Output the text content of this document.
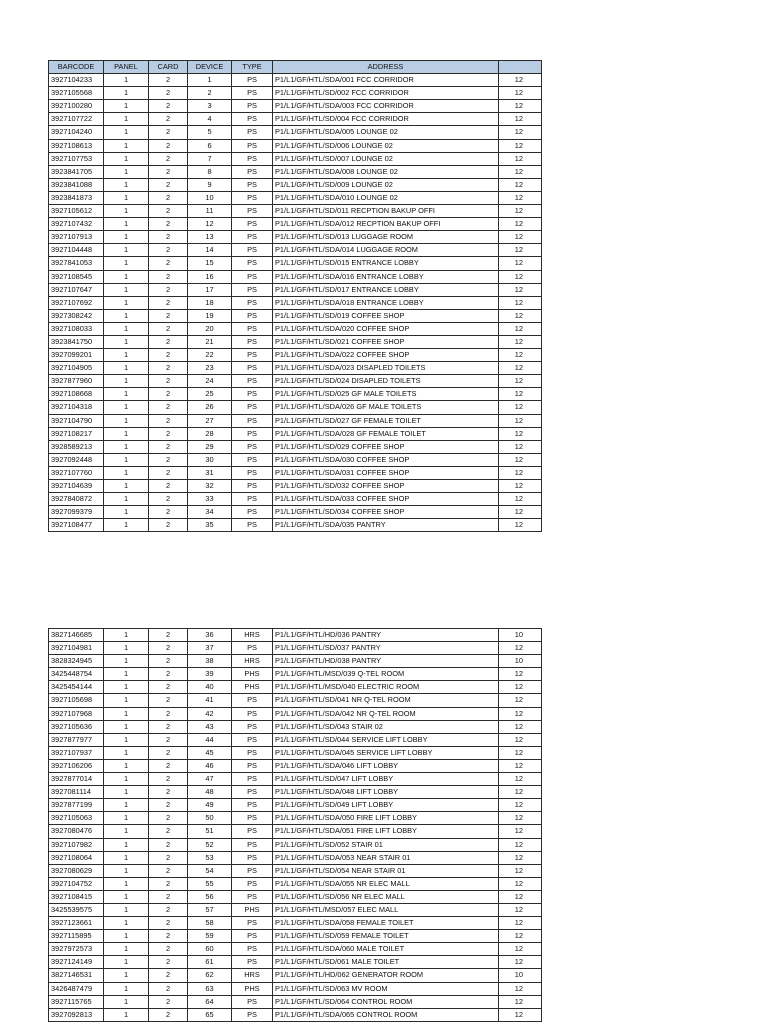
BARCODE	PANEL	CARD	DEVICE	TYPE	ADDRESS	
3927104233	1	2	1	PS	P1/L1/GF/HTL/SDA/001 FCC CORRIDOR	12
3927105568	1	2	2	PS	P1/L1/GF/HTL/SD/002 FCC CORRIDOR	12
3927100280	1	2	3	PS	P1/L1/GF/HTL/SDA/003 FCC CORRIDOR	12
3927107722	1	2	4	PS	P1/L1/GF/HTL/SD/004 FCC CORRIDOR	12
3927104240	1	2	5	PS	P1/L1/GF/HTL/SDA/005 LOUNGE 02	12
3927108613	1	2	6	PS	P1/L1/GF/HTL/SD/006 LOUNGE 02	12
3927107753	1	2	7	PS	P1/L1/GF/HTL/SD/007 LOUNGE 02	12
3923841705	1	2	8	PS	P1/L1/GF/HTL/SDA/008 LOUNGE 02	12
3923841088	1	2	9	PS	P1/L1/GF/HTL/SD/009 LOUNGE 02	12
3923841873	1	2	10	PS	P1/L1/GF/HTL/SDA/010 LOUNGE 02	12
3927105612	1	2	11	PS	P1/L1/GF/HTL/SD/011 RECPTION BAKUP OFFI	12
3927107432	1	2	12	PS	P1/L1/GF/HTL/SDA/012 RECPTION BAKUP OFFI	12
3927107913	1	2	13	PS	P1/L1/GF/HTL/SD/013 LUGGAGE ROOM	12
3927104448	1	2	14	PS	P1/L1/GF/HTL/SDA/014 LUGGAGE ROOM	12
3927841053	1	2	15	PS	P1/L1/GF/HTL/SD/015 ENTRANCE LOBBY	12
3927108545	1	2	16	PS	P1/L1/GF/HTL/SDA/016 ENTRANCE LOBBY	12
3927107647	1	2	17	PS	P1/L1/GF/HTL/SD/017 ENTRANCE LOBBY	12
3927107692	1	2	18	PS	P1/L1/GF/HTL/SDA/018 ENTRANCE LOBBY	12
3927308242	1	2	19	PS	P1/L1/GF/HTL/SD/019 COFFEE SHOP	12
3927108033	1	2	20	PS	P1/L1/GF/HTL/SDA/020 COFFEE SHOP	12
3923841750	1	2	21	PS	P1/L1/GF/HTL/SD/021 COFFEE SHOP	12
3927099201	1	2	22	PS	P1/L1/GF/HTL/SDA/022 COFFEE SHOP	12
3927104905	1	2	23	PS	P1/L1/GF/HTL/SDA/023 DISAPLED TOILETS	12
3927877960	1	2	24	PS	P1/L1/GF/HTL/SD/024 DISAPLED TOILETS	12
3927108668	1	2	25	PS	P1/L1/GF/HTL/SD/025 GF MALE TOILETS	12
3927104318	1	2	26	PS	P1/L1/GF/HTL/SDA/026 GF MALE TOILETS	12
3927104790	1	2	27	PS	P1/L1/GF/HTL/SD/027 GF FEMALE TOILET	12
3927108217	1	2	28	PS	P1/L1/GF/HTL/SDA/028 GF FEMALE TOILET	12
3928589213	1	2	29	PS	P1/L1/GF/HTL/SD/029 COFFEE SHOP	12
3927092448	1	2	30	PS	P1/L1/GF/HTL/SDA/030 COFFEE SHOP	12
3927107760	1	2	31	PS	P1/L1/GF/HTL/SDA/031 COFFEE SHOP	12
3927104639	1	2	32	PS	P1/L1/GF/HTL/SD/032 COFFEE SHOP	12
3927840872	1	2	33	PS	P1/L1/GF/HTL/SDA/033 COFFEE SHOP	12
3927099379	1	2	34	PS	P1/L1/GF/HTL/SD/034 COFFEE SHOP	12
3927108477	1	2	35	PS	P1/L1/GF/HTL/SDA/035 PANTRY	12
3827146685	1	2	36	HRS	P1/L1/GF/HTL/HD/036 PANTRY	10
3927104981	1	2	37	PS	P1/L1/GF/HTL/SD/037 PANTRY	12
3828324945	1	2	38	HRS	P1/L1/GF/HTL/HD/038 PANTRY	10
3425448754	1	2	39	PHS	P1/L1/GF/HTL/MSD/039 Q-TEL ROOM	12
3425454144	1	2	40	PHS	P1/L1/GF/HTL/MSD/040 ELECTRIC ROOM	12
3927105698	1	2	41	PS	P1/L1/GF/HTL/SD/041 NR Q-TEL ROOM	12
3927107968	1	2	42	PS	P1/L1/GF/HTL/SDA/042 NR Q-TEL ROOM	12
3927105636	1	2	43	PS	P1/L1/GF/HTL/SD/043 STAIR 02	12
3927877977	1	2	44	PS	P1/L1/GF/HTL/SD/044 SERVICE LIFT LOBBY	12
3927107937	1	2	45	PS	P1/L1/GF/HTL/SDA/045 SERVICE LIFT LOBBY	12
3927106206	1	2	46	PS	P1/L1/GF/HTL/SDA/046 LIFT LOBBY	12
3927877014	1	2	47	PS	P1/L1/GF/HTL/SD/047 LIFT LOBBY	12
3927081114	1	2	48	PS	P1/L1/GF/HTL/SDA/048 LIFT LOBBY	12
3927877199	1	2	49	PS	P1/L1/GF/HTL/SD/049 LIFT LOBBY	12
3927105063	1	2	50	PS	P1/L1/GF/HTL/SDA/050 FIRE LIFT LOBBY	12
3927080476	1	2	51	PS	P1/L1/GF/HTL/SDA/051 FIRE LIFT LOBBY	12
3927107982	1	2	52	PS	P1/L1/GF/HTL/SD/052 STAIR 01	12
3927108064	1	2	53	PS	P1/L1/GF/HTL/SDA/053 NEAR STAIR 01	12
3927080629	1	2	54	PS	P1/L1/GF/HTL/SD/054 NEAR STAIR 01	12
3927104752	1	2	55	PS	P1/L1/GF/HTL/SDA/055 NR ELEC MALL	12
3927108415	1	2	56	PS	P1/L1/GF/HTL/SD/056 NR ELEC MALL	12
3425539575	1	2	57	PHS	P1/L1/GF/HTL/MSD/057 ELEC MALL	12
3927123661	1	2	58	PS	P1/L1/GF/HTL/SDA/058 FEMALE TOILET	12
3927115895	1	2	59	PS	P1/L1/GF/HTL/SD/059 FEMALE TOILET	12
3927972573	1	2	60	PS	P1/L1/GF/HTL/SDA/060 MALE TOILET	12
3927124149	1	2	61	PS	P1/L1/GF/HTL/SD/061 MALE TOILET	12
3827146531	1	2	62	HRS	P1/L1/GF/HTL/HD/062 GENERATOR ROOM	10
3426487479	1	2	63	PHS	P1/L1/GF/HTL/SD/063 MV ROOM	12
3927115765	1	2	64	PS	P1/L1/GF/HTL/SD/064 CONTROL ROOM	12
3927092813	1	2	65	PS	P1/L1/GF/HTL/SDA/065 CONTROL ROOM	12
